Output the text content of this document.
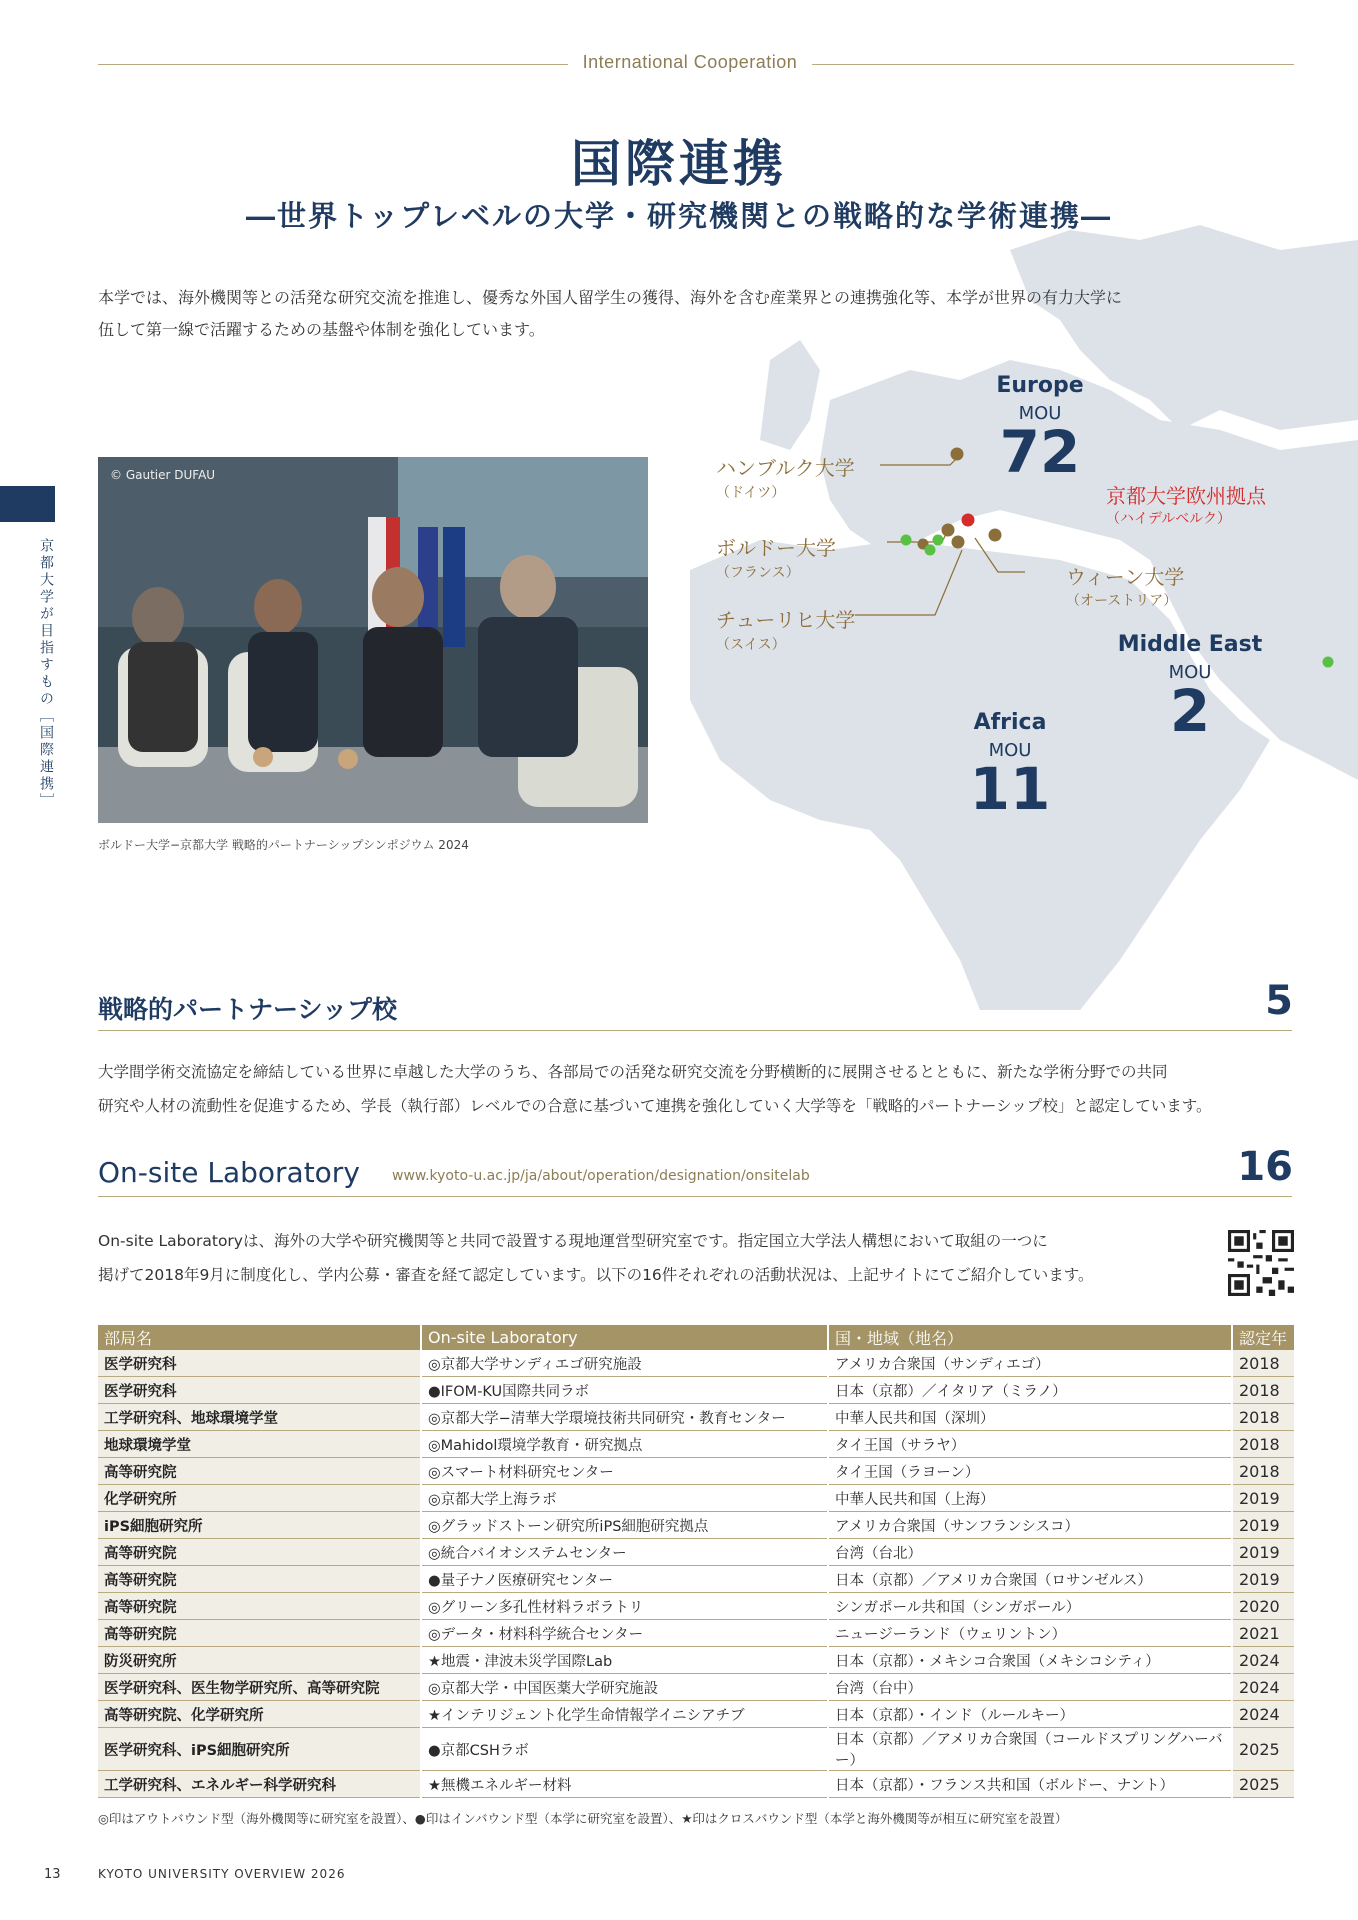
International Cooperation
国際連携
―世界トップレベルの大学・研究機関との戦略的な学術連携―
Europe
MOU
72
Middle East
MOU
2
Africa
MOU
11
ハンブルク大学
（ドイツ）
ボルドー大学
（フランス）
チューリヒ大学
（スイス）
京都大学欧州拠点
（ハイデルベルク）
ウィーン大学
（オーストリア）
本学では、海外機関等との活発な研究交流を推進し、優秀な外国人留学生の獲得、海外を含む産業界との連携強化等、本学が世界の有力大学に
伍して第一線で活躍するための基盤や体制を強化しています。
京都大学が目指すもの［国際連携］
© Gautier DUFAU
ボルドー大学−京都大学 戦略的パートナーシップシンポジウム 2024
戦略的パートナーシップ校	5
大学間学術交流協定を締結している世界に卓越した大学のうち、各部局での活発な研究交流を分野横断的に展開させるとともに、新たな学術分野での共同
研究や人材の流動性を促進するため、学長（執行部）レベルでの合意に基づいて連携を強化していく大学等を「戦略的パートナーシップ校」と認定しています。
On-site Laboratory www.kyoto-u.ac.jp/ja/about/operation/designation/onsitelab	16
On-site Laboratoryは、海外の大学や研究機関等と共同で設置する現地運営型研究室です。指定国立大学法人構想において取組の一つに
掲げて2018年9月に制度化し、学内公募・審査を経て認定しています。以下の16件それぞれの活動状況は、上記サイトにてご紹介しています。
部局名	On-site Laboratory	国・地域（地名）	認定年
医学研究科	◎京都大学サンディエゴ研究施設	アメリカ合衆国（サンディエゴ）	2018
医学研究科	●IFOM-KU国際共同ラボ	日本（京都）／イタリア（ミラノ）	2018
工学研究科、地球環境学堂	◎京都大学−清華大学環境技術共同研究・教育センター	中華人民共和国（深圳）	2018
地球環境学堂	◎Mahidol環境学教育・研究拠点	タイ王国（サラヤ）	2018
高等研究院	◎スマート材料研究センター	タイ王国（ラヨーン）	2018
化学研究所	◎京都大学上海ラボ	中華人民共和国（上海）	2019
iPS細胞研究所	◎グラッドストーン研究所iPS細胞研究拠点	アメリカ合衆国（サンフランシスコ）	2019
高等研究院	◎統合バイオシステムセンター	台湾（台北）	2019
高等研究院	●量子ナノ医療研究センター	日本（京都）／アメリカ合衆国（ロサンゼルス）	2019
高等研究院	◎グリーン多孔性材料ラボラトリ	シンガポール共和国（シンガポール）	2020
高等研究院	◎データ・材料科学統合センター	ニュージーランド（ウェリントン）	2021
防災研究所	★地震・津波未災学国際Lab	日本（京都）・メキシコ合衆国（メキシコシティ）	2024
医学研究科、医生物学研究所、高等研究院	◎京都大学・中国医薬大学研究施設	台湾（台中）	2024
高等研究院、化学研究所	★インテリジェント化学生命情報学イニシアチブ	日本（京都）・インド（ルールキー）	2024
医学研究科、iPS細胞研究所	●京都CSHラボ	日本（京都）／アメリカ合衆国（コールドスプリングハーバー）	2025
工学研究科、エネルギー科学研究科	★無機エネルギー材料	日本（京都）・フランス共和国（ボルドー、ナント）	2025
◎印はアウトバウンド型（海外機関等に研究室を設置）、●印はインバウンド型（本学に研究室を設置）、★印はクロスバウンド型（本学と海外機関等が相互に研究室を設置）
13	KYOTO UNIVERSITY OVERVIEW 2026
